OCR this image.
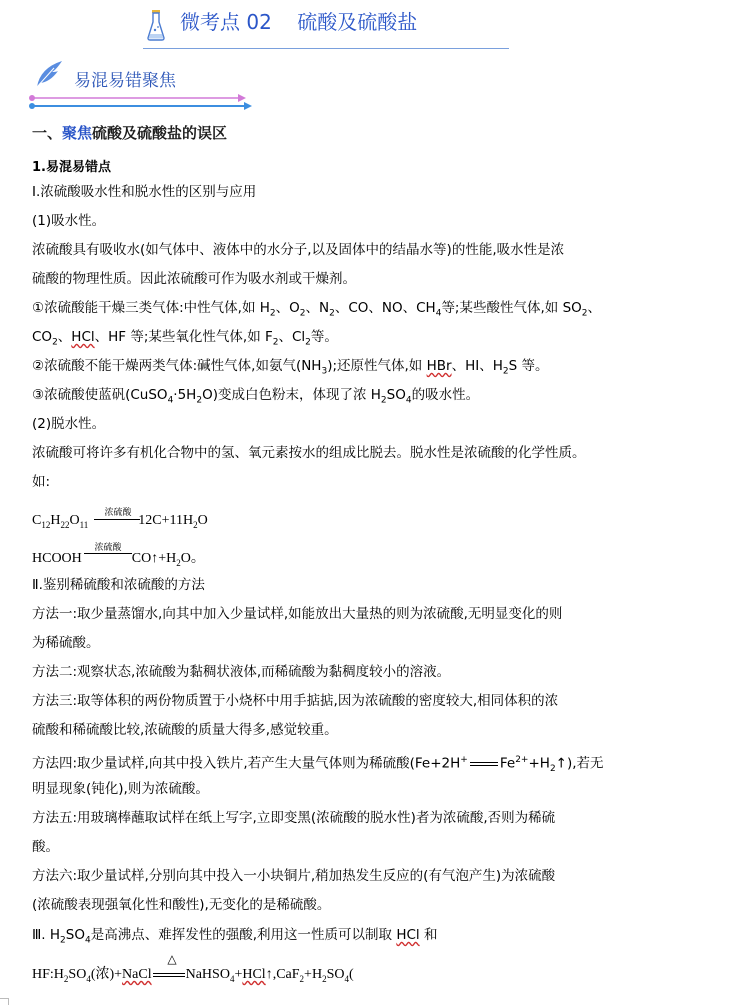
微考点 02    硫酸及硫酸盐
易混易错聚焦
一、聚焦硫酸及硫酸盐的误区
1.易混易错点
Ⅰ.浓硫酸吸水性和脱水性的区别与应用
(1)吸水性。
浓硫酸具有吸收水(如气体中、液体中的水分子,以及固体中的结晶水等)的性能,吸水性是浓
硫酸的物理性质。因此浓硫酸可作为吸水剂或干燥剂。
①浓硫酸能干燥三类气体:中性气体,如 $H_2$、$O_2$、$N_2$、CO、NO、$CH_4$等;某些酸性气体,如 $SO_2$、
$CO_2$、HCl、HF 等;某些氧化性气体,如 $F_2$、$Cl_2$等。
②浓硫酸不能干燥两类气体:碱性气体,如氨气$(NH_3)$;还原性气体,如 HBr、HI、$H_2S$ 等。
③浓硫酸使蓝矾$(CuSO_4\cdot 5H_2O)$变成白色粉末，体现了浓 $H_2SO_4$的吸水性。
(2)脱水性。
浓硫酸可将许多有机化合物中的氢、氧元素按水的组成比脱去。脱水性是浓硫酸的化学性质。
如:
$C_{12}H_{22}O_{11}$	$12C+11H_2O$
浓硫酸
HCOOH	$CO↑+H_2O$。
浓硫酸
Ⅱ.鉴别稀硫酸和浓硫酸的方法
方法一:取少量蒸馏水,向其中加入少量试样,如能放出大量热的则为浓硫酸,无明显变化的则
为稀硫酸。
方法二:观察状态,浓硫酸为黏稠状液体,而稀硫酸为黏稠度较小的溶液。
方法三:取等体积的两份物质置于小烧杯中用手掂掂,因为浓硫酸的密度较大,相同体积的浓
硫酸和稀硫酸比较,浓硫酸的质量大得多,感觉较重。
方法四:取少量试样,向其中投入铁片,若产生大量气体则为稀硫酸(Fe+2H+ $Fe^{2+}+H_2↑$),若无
明显现象(钝化),则为浓硫酸。
方法五:用玻璃棒蘸取试样在纸上写字,立即变黑(浓硫酸的脱水性)者为浓硫酸,否则为稀硫
酸。
方法六:取少量试样,分别向其中投入一小块铜片,稍加热发生反应的(有气泡产生)为浓硫酸
(浓硫酸表现强氧化性和酸性),无变化的是稀硫酸。
Ⅲ. $H_2SO_4$是高沸点、难挥发性的强酸,利用这一性质可以制取 HCl 和
$HF:H_2SO_4$(浓)+NaCl $NaHSO_4+HCl↑,CaF_2+H_2SO_4$(
△
